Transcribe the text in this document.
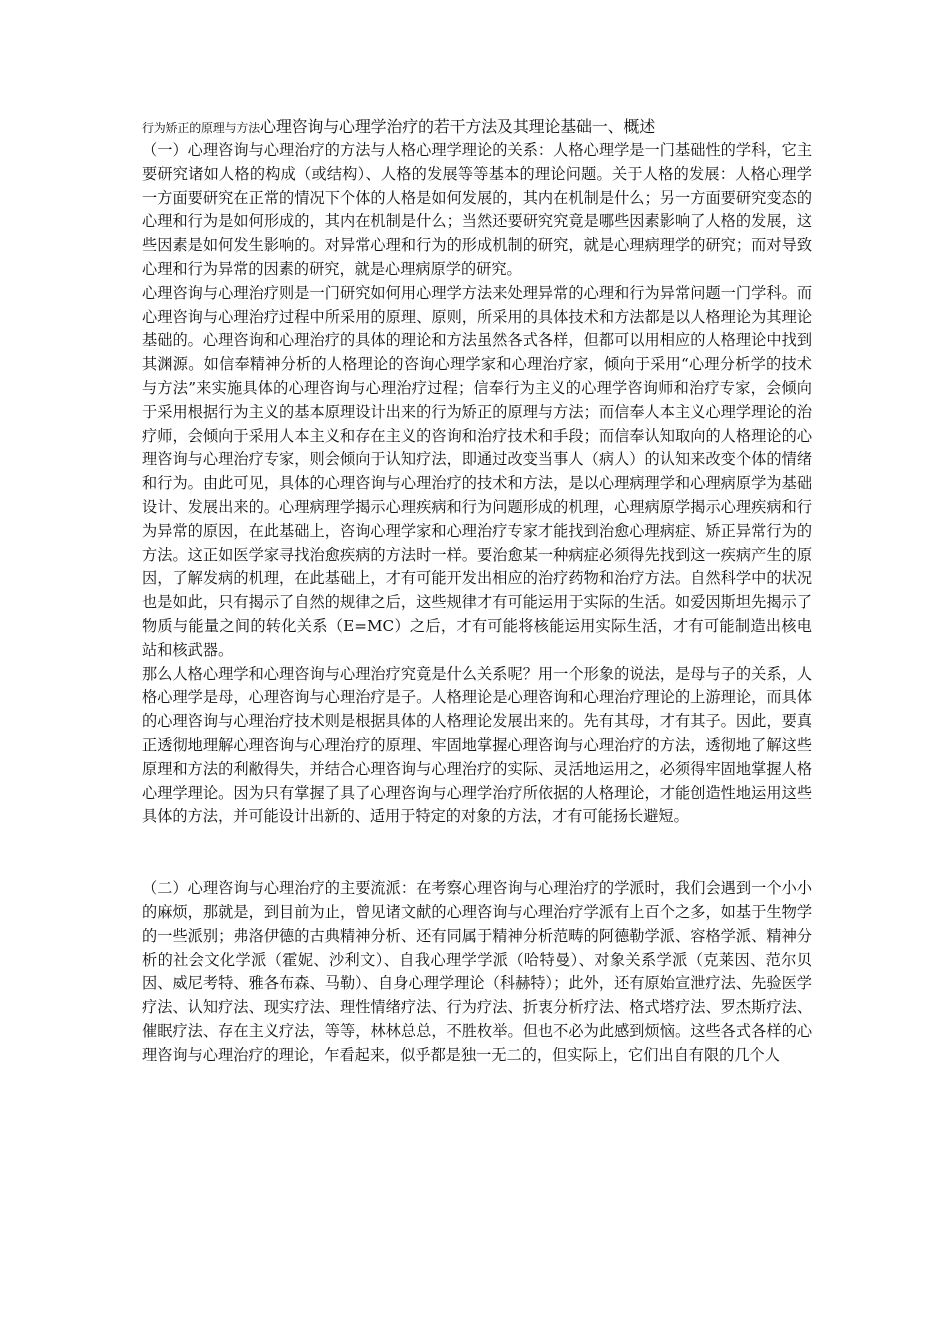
行为矫正的原理与方法心理咨询与心理学治疗的若干方法及其理论基础一、概述

（一）心理咨询与心理治疗的方法与人格心理学理论的关系：人格心理学是一门基础性的学科，它主要研究诸如人格的构成（或结构）、人格的发展等等基本的理论问题。关于人格的发展：人格心理学一方面要研究在正常的情况下个体的人格是如何发展的，其内在机制是什么；另一方面要研究变态的心理和行为是如何形成的，其内在机制是什么；当然还要研究究竟是哪些因素影响了人格的发展，这些因素是如何发生影响的。对异常心理和行为的形成机制的研究，就是心理病理学的研究；而对导致心理和行为异常的因素的研究，就是心理病原学的研究。

心理咨询与心理治疗则是一门研究如何用心理学方法来处理异常的心理和行为异常问题一门学科。而心理咨询与心理治疗过程中所采用的原理、原则，所采用的具体技术和方法都是以人格理论为其理论基础的。心理咨询和心理治疗的具体的理论和方法虽然各式各样，但都可以用相应的人格理论中找到其渊源。如信奉精神分析的人格理论的咨询心理学家和心理治疗家，倾向于采用“心理分析学的技术与方法”来实施具体的心理咨询与心理治疗过程；信奉行为主义的心理学咨询师和治疗专家，会倾向于采用根据行为主义的基本原理设计出来的行为矫正的原理与方法；而信奉人本主义心理学理论的治疗师，会倾向于采用人本主义和存在主义的咨询和治疗技术和手段；而信奉认知取向的人格理论的心理咨询与心理治疗专家，则会倾向于认知疗法，即通过改变当事人（病人）的认知来改变个体的情绪和行为。由此可见，具体的心理咨询与心理治疗的技术和方法，是以心理病理学和心理病原学为基础设计、发展出来的。心理病理学揭示心理疾病和行为问题形成的机理，心理病原学揭示心理疾病和行为异常的原因，在此基础上，咨询心理学家和心理治疗专家才能找到治愈心理病症、矫正异常行为的方法。这正如医学家寻找治愈疾病的方法时一样。要治愈某一种病症必须得先找到这一疾病产生的原因，了解发病的机理，在此基础上，才有可能开发出相应的治疗药物和治疗方法。自然科学中的状况也是如此，只有揭示了自然的规律之后，这些规律才有可能运用于实际的生活。如爱因斯坦先揭示了物质与能量之间的转化关系（E=MC）之后，才有可能将核能运用实际生活，才有可能制造出核电站和核武器。

那么人格心理学和心理咨询与心理治疗究竟是什么关系呢？用一个形象的说法，是母与子的关系，人格心理学是母，心理咨询与心理治疗是子。人格理论是心理咨询和心理治疗理论的上游理论，而具体的心理咨询与心理治疗技术则是根据具体的人格理论发展出来的。先有其母，才有其子。因此，要真正透彻地理解心理咨询与心理治疗的原理、牢固地掌握心理咨询与心理治疗的方法，透彻地了解这些原理和方法的利敝得失，并结合心理咨询与心理治疗的实际、灵活地运用之，必须得牢固地掌握人格心理学理论。因为只有掌握了具了心理咨询与心理学治疗所依据的人格理论，才能创造性地运用这些具体的方法，并可能设计出新的、适用于特定的对象的方法，才有可能扬长避短。

（二）心理咨询与心理治疗的主要流派：在考察心理咨询与心理治疗的学派时，我们会遇到一个小小的麻烦，那就是，到目前为止，曾见诸文献的心理咨询与心理治疗学派有上百个之多，如基于生物学的一些派别；弗洛伊德的古典精神分析、还有同属于精神分析范畴的阿德勒学派、容格学派、精神分析的社会文化学派（霍妮、沙利文）、自我心理学学派（哈特曼）、对象关系学派（克莱因、范尔贝因、威尼考特、雅各布森、马勒）、自身心理学理论（科赫特）；此外，还有原始宣泄疗法、先验医学疗法、认知疗法、现实疗法、理性情绪疗法、行为疗法、折衷分析疗法、格式塔疗法、罗杰斯疗法、催眠疗法、存在主义疗法，等等，林林总总，不胜枚举。但也不必为此感到烦恼。这些各式各样的心理咨询与心理治疗的理论，乍看起来，似乎都是独一无二的，但实际上，它们出自有限的几个人
